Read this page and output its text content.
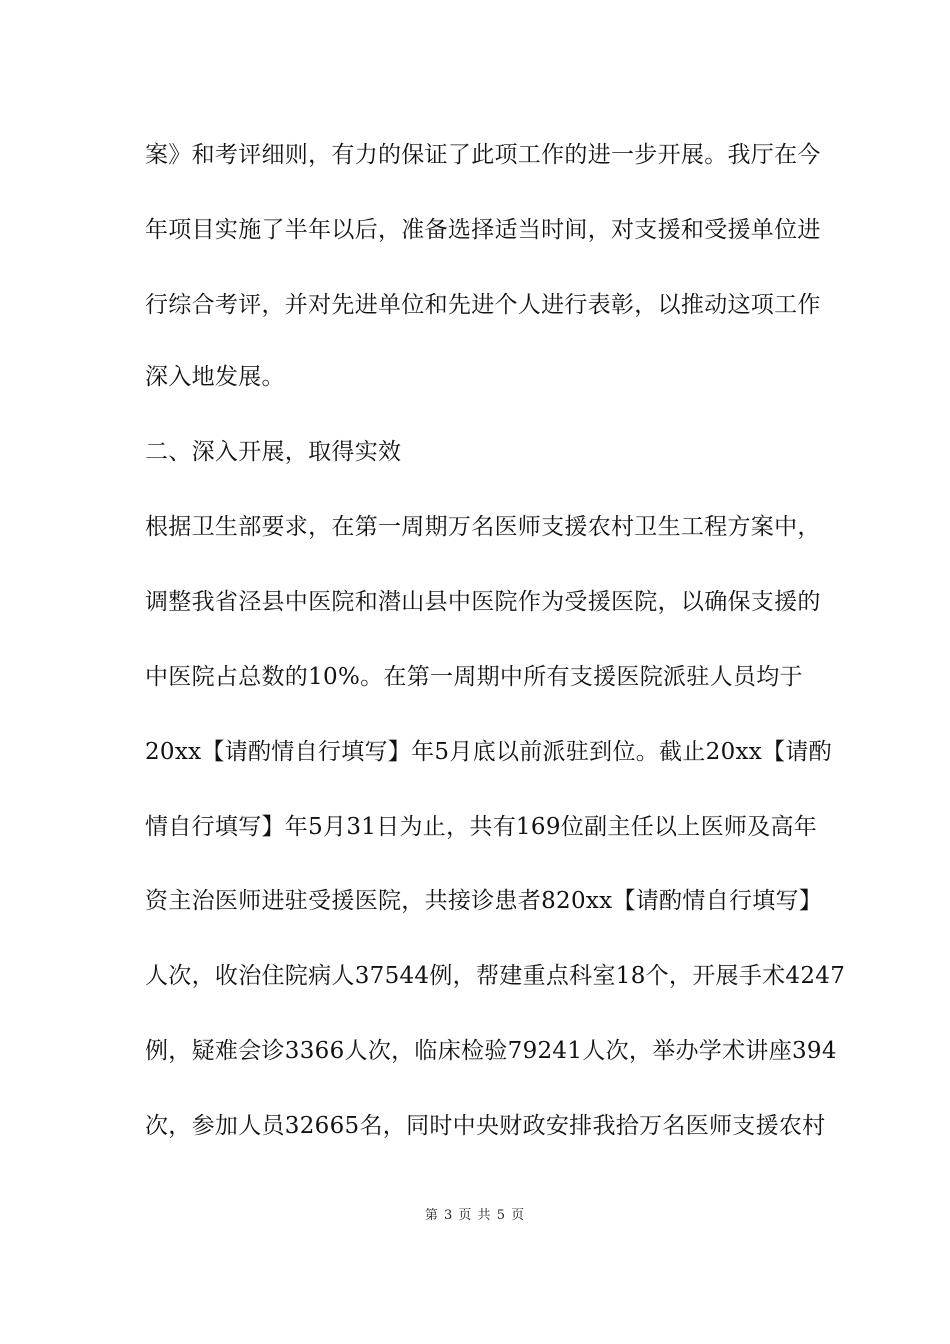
案》和考评细则，有力的保证了此项工作的进一步开展。我厅在今
年项目实施了半年以后，准备选择适当时间，对支援和受援单位进
行综合考评，并对先进单位和先进个人进行表彰，以推动这项工作
深入地发展。
二、深入开展，取得实效
根据卫生部要求，在第一周期万名医师支援农村卫生工程方案中，
调整我省泾县中医院和潜山县中医院作为受援医院，以确保支援的
中医院占总数的10%。在第一周期中所有支援医院派驻人员均于
20xx【请酌情自行填写】年5月底以前派驻到位。截止20xx【请酌
情自行填写】年5月31日为止，共有169位副主任以上医师及高年
资主治医师进驻受援医院，共接诊患者820xx【请酌情自行填写】
人次，收治住院病人37544例，帮建重点科室18个，开展手术4247
例，疑难会诊3366人次，临床检验79241人次，举办学术讲座394
次，参加人员32665名，同时中央财政安排我拾万名医师支援农村
第 3 页 共 5 页
